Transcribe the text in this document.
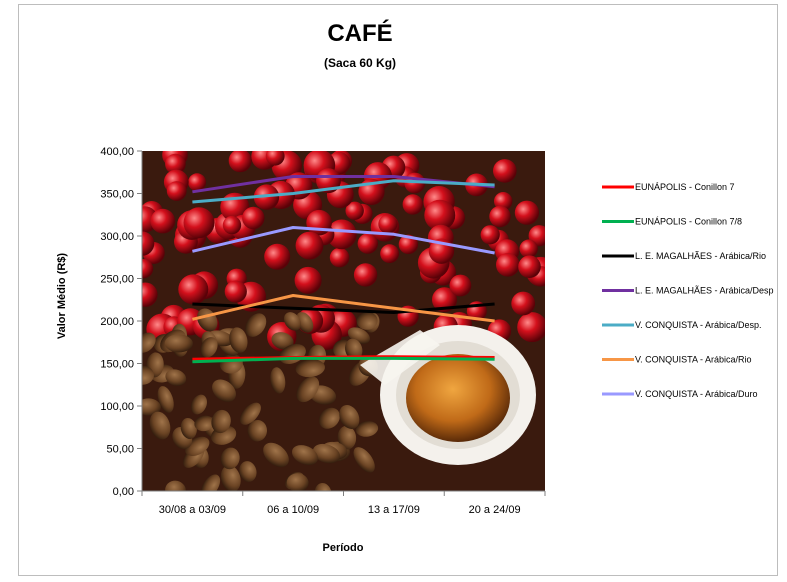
CAFÉ
(Saca 60 Kg)
0,00
50,00
100,00
150,00
200,00
250,00
300,00
350,00
400,00
30/08 a 03/09	06 a 10/09	13 a 17/09	20 a 24/09
EUNÁPOLIS - Conillon 7
EUNÁPOLIS - Conillon 7/8
L. E. MAGALHÃES - Arábica/Rio
L. E. MAGALHÃES - Arábica/Desp
V. CONQUISTA - Arábica/Desp.
V. CONQUISTA - Arábica/Rio
V. CONQUISTA - Arábica/Duro
Valor Médio (R$)
Período
